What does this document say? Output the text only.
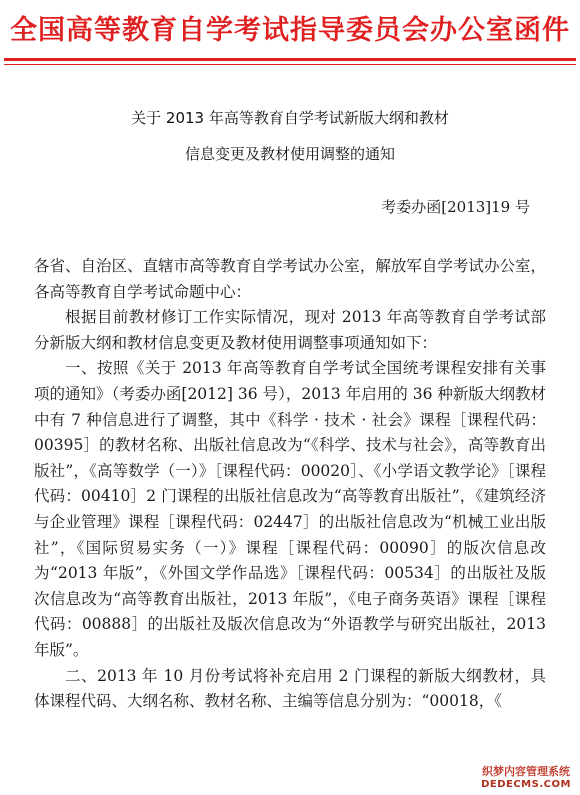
全国高等教育自学考试指导委员会办公室函件
关于 2013 年高等教育自学考试新版大纲和教材
信息变更及教材使用调整的通知
考委办函[2013]19 号

各省、自治区、直辖市高等教育自学考试办公室，解放军自学考试办公室，各高等教育自学考试命题中心：

根据目前教材修订工作实际情况，现对 2013 年高等教育自学考试部分新版大纲和教材信息变更及教材使用调整事项通知如下：

一、按照《关于 2013 年高等教育自学考试全国统考课程安排有关事项的通知》（考委办函[2012] 36 号），2013 年启用的 36 种新版大纲教材中有 7 种信息进行了调整，其中《科学 · 技术 · 社会》课程［课程代码：00395］的教材名称、出版社信息改为“《科学、技术与社会》，高等教育出版社”，《高等数学（一）》［课程代码：00020］、《小学语文教学论》［课程代码：00410］2 门课程的出版社信息改为“高等教育出版社”，《建筑经济与企业管理》课程［课程代码：02447］的出版社信息改为“机械工业出版社”，《国际贸易实务（一）》课程［课程代码：00090］的版次信息改为“2013 年版”，《外国文学作品选》［课程代码：00534］的出版社及版次信息改为“高等教育出版社，2013 年版”，《电子商务英语》课程［课程代码：00888］的出版社及版次信息改为“外语教学与研究出版社，2013 年版”。

二、2013 年 10 月份考试将补充启用 2 门课程的新版大纲教材，具体课程代码、大纲名称、教材名称、主编等信息分别为：“00018，《

织梦内容管理系统
DEDECMS.COM
